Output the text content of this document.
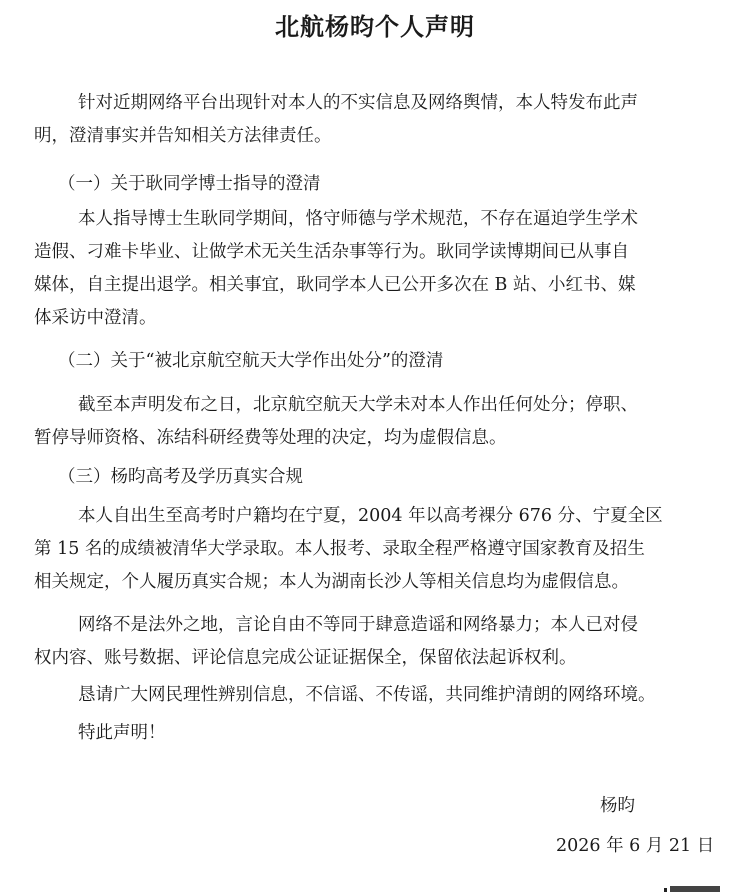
北航杨昀个人声明
针对近期网络平台出现针对本人的不实信息及网络舆情，本人特发布此声
明，澄清事实并告知相关方法律责任。
（一）关于耿同学博士指导的澄清
本人指导博士生耿同学期间，恪守师德与学术规范，不存在逼迫学生学术
造假、刁难卡毕业、让做学术无关生活杂事等行为。耿同学读博期间已从事自
媒体，自主提出退学。相关事宜，耿同学本人已公开多次在 B 站、小红书、媒
体采访中澄清。
（二）关于“被北京航空航天大学作出处分”的澄清
截至本声明发布之日，北京航空航天大学未对本人作出任何处分；停职、
暂停导师资格、冻结科研经费等处理的决定，均为虚假信息。
（三）杨昀高考及学历真实合规
本人自出生至高考时户籍均在宁夏，2004 年以高考裸分 676 分、宁夏全区
第 15 名的成绩被清华大学录取。本人报考、录取全程严格遵守国家教育及招生
相关规定，个人履历真实合规；本人为湖南长沙人等相关信息均为虚假信息。
网络不是法外之地，言论自由不等同于肆意造谣和网络暴力；本人已对侵
权内容、账号数据、评论信息完成公证证据保全，保留依法起诉权利。
恳请广大网民理性辨别信息，不信谣、不传谣，共同维护清朗的网络环境。
特此声明！
杨昀
2026 年 6 月 21 日
